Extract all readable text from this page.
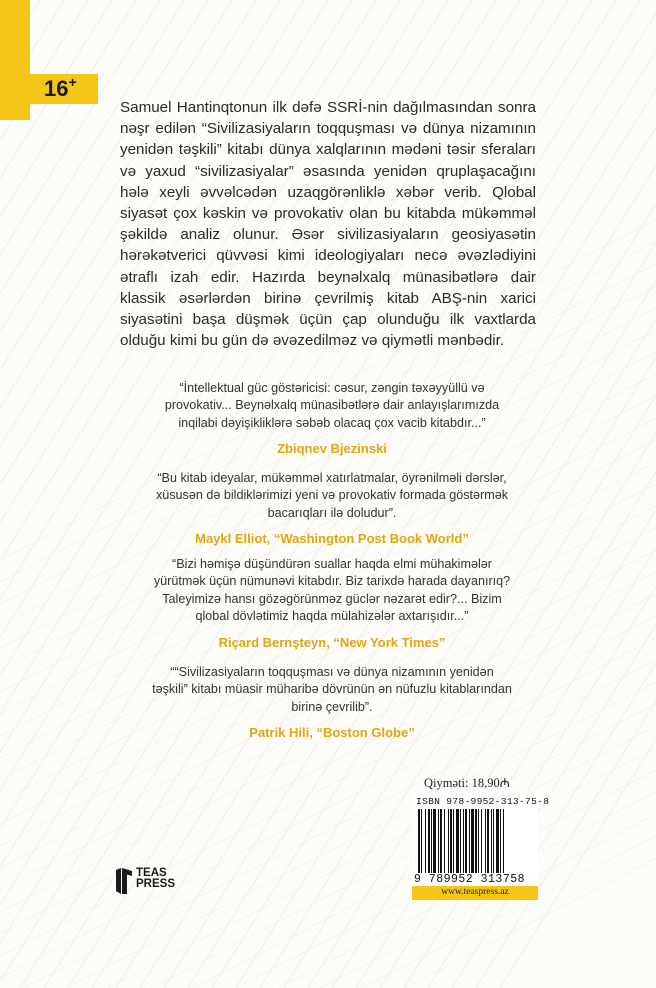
16+
Samuel Hantinqtonun ilk dəfə SSRİ-nin dağılmasından sonra nəşr edilən “Sivilizasiyaların toqquşması və dünya nizamının yenidən təşkili” kitabı dünya xalqlarının mədəni təsir sferaları və yaxud “sivilizasiyalar” əsasında yenidən qruplaşacağını hələ xeyli əvvəlcədən uzaqgörənliklə xəbər verib. Qlobal siyasət çox kəskin və provokativ olan bu kitabda mükəmməl şəkildə analiz olunur. Əsər sivilizasiyaların geosiyasətin hərəkətverici qüvvəsi kimi ideologiyaları necə əvəzlədiyini ətraflı izah edir. Hazırda beynəlxalq münasibətlərə dair klassik əsərlərdən birinə çevrilmiş kitab ABŞ-nin xarici siyasətini başa düşmək üçün çap olunduğu ilk vaxtlarda olduğu kimi bu gün də əvəzedilməz və qiymətli mənbədir.
“İntellektual güc göstəricisi: cəsur, zəngin təxəyyüllü və provokativ... Beynəlxalq münasibətlərə dair anlayışlarımızda inqilabi dəyişikliklərə səbəb olacaq çox vacib kitabdır...”
Zbiqnev Bjezinski
“Bu kitab ideyalar, mükəmməl xatırlatmalar, öyrənilməli dərslər, xüsusən də bildiklərimizi yeni və provokativ formada göstərmək bacarıqları ilə doludur”.
Maykl Elliot, “Washington Post Book World”
“Bizi həmişə düşündürən suallar haqda elmi mühakimələr yürütmək üçün nümunəvi kitabdır. Biz tarixdə harada dayanırıq? Taleyimizə hansı gözəgörünməz güclər nəzarət edir?... Bizim qlobal dövlətimiz haqda mülahizələr axtarışıdır...”
Riçard Bernşteyn, “New York Times”
““Sivilizasiyaların toqquşması və dünya nizamının yenidən təşkili” kitabı müasir müharibə dövrünün ən nüfuzlu kitablarından birinə çevrilib”.
Patrik Hili, “Boston Globe”
Qiyməti: 18,90₼
ISBN 978-9952-313-75-8
9 789952 313758
www.teaspress.az
TEAS
PRESS
